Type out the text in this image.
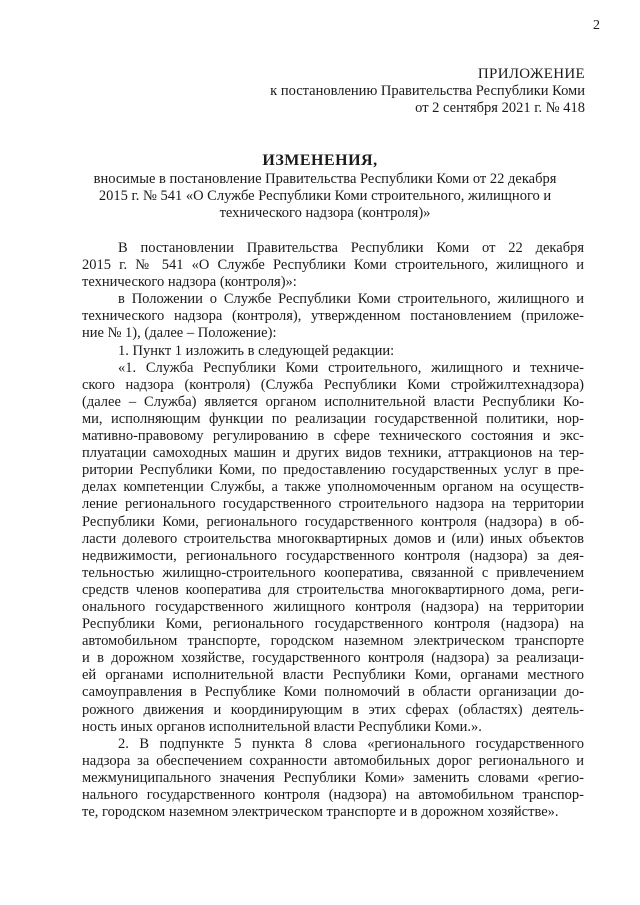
2
ПРИЛОЖЕНИЕ
к постановлению Правительства Республики Коми
от 2 сентября 2021 г. № 418
ИЗМЕНЕНИЯ,
вносимые в постановление Правительства Республики Коми от 22 декабря
2015 г. № 541 «О Службе Республики Коми строительного, жилищного и
технического надзора (контроля)»
В постановлении Правительства Республики Коми от 22 декабря
2015 г. № 541 «О Службе Республики Коми строительного, жилищного и
технического надзора (контроля)»:
в Положении о Службе Республики Коми строительного, жилищного и
технического надзора (контроля), утвержденном постановлением (приложе-
ние № 1), (далее – Положение):
1. Пункт 1 изложить в следующей редакции:
«1. Служба Республики Коми строительного, жилищного и техниче-
ского надзора (контроля) (Служба Республики Коми стройжилтехнадзора)
(далее – Служба) является органом исполнительной власти Республики Ко-
ми, исполняющим функции по реализации государственной политики, нор-
мативно-правовому регулированию в сфере технического состояния и экс-
плуатации самоходных машин и других видов техники, аттракционов на тер-
ритории Республики Коми, по предоставлению государственных услуг в пре-
делах компетенции Службы, а также уполномоченным органом на осуществ-
ление регионального государственного строительного надзора на территории
Республики Коми, регионального государственного контроля (надзора) в об-
ласти долевого строительства многоквартирных домов и (или) иных объектов
недвижимости, регионального государственного контроля (надзора) за дея-
тельностью жилищно-строительного кооператива, связанной с привлечением
средств членов кооператива для строительства многоквартирного дома, реги-
онального государственного жилищного контроля (надзора) на территории
Республики Коми, регионального государственного контроля (надзора) на
автомобильном транспорте, городском наземном электрическом транспорте
и в дорожном хозяйстве, государственного контроля (надзора) за реализаци-
ей органами исполнительной власти Республики Коми, органами местного
самоуправления в Республике Коми полномочий в области организации до-
рожного движения и координирующим в этих сферах (областях) деятель-
ность иных органов исполнительной власти Республики Коми.».
2. В подпункте 5 пункта 8 слова «регионального государственного
надзора за обеспечением сохранности автомобильных дорог регионального и
межмуниципального значения Республики Коми» заменить словами «регио-
нального государственного контроля (надзора) на автомобильном транспор-
те, городском наземном электрическом транспорте и в дорожном хозяйстве».
